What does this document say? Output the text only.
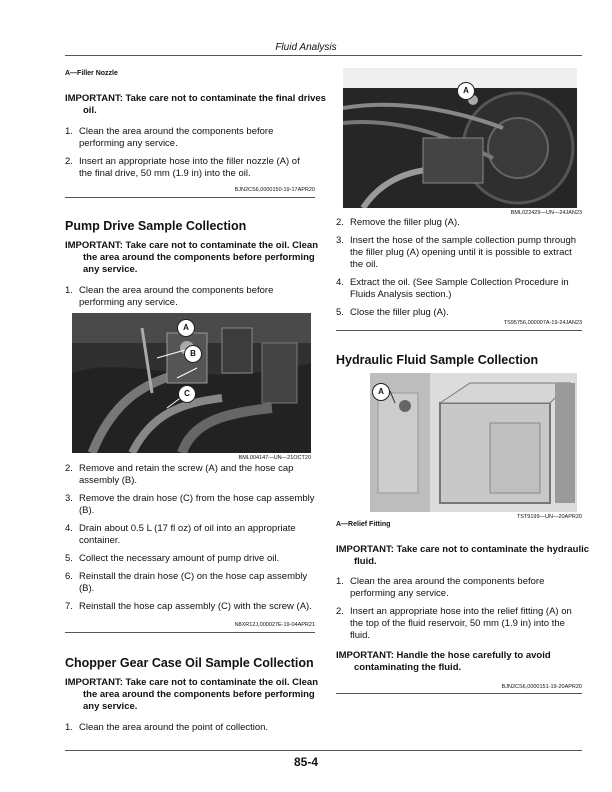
Fluid Analysis
A—Filler Nozzle
IMPORTANT: Take care not to contaminate the final drives oil.
1. Clean the area around the components before performing any service.
2. Insert an appropriate hose into the filler nozzle (A) of the final drive, 50 mm (1.9 in) into the oil.
BJN2CS6,0000150-19-17APR20
Pump Drive Sample Collection
IMPORTANT: Take care not to contaminate the oil. Clean the area around the components before performing any service.
1. Clean the area around the components before performing any service.
A
B
C
BML004147—UN—21OCT20
2. Remove and retain the screw (A) and the hose cap assembly (B).
3. Remove the drain hose (C) from the hose cap assembly (B).
4. Drain about 0.5 L (17 fl oz) of oil into an appropriate container.
5. Collect the necessary amount of pump drive oil.
6. Reinstall the drain hose (C) on the hose cap assembly (B).
7. Reinstall the hose cap assembly (C) with the screw (A).
N8XR12J,000027E-19-04APR21
Chopper Gear Case Oil Sample Collection
IMPORTANT: Take care not to contaminate the oil. Clean the area around the components before performing any service.
1. Clean the area around the point of collection.
A
BML022429—UN—24JAN23
2. Remove the filler plug (A).
3. Insert the hose of the sample collection pump through the filler plug (A) opening until it is possible to extract the oil.
4. Extract the oil. (See Sample Collection Procedure in Fluids Analysis section.)
5. Close the filler plug (A).
TS95756,000007A-19-24JAN23
Hydraulic Fluid Sample Collection
A
TST9199—UN—20APR20
A—Relief Fitting
IMPORTANT: Take care not to contaminate the hydraulic fluid.
1. Clean the area around the components before performing any service.
2. Insert an appropriate hose into the relief fitting (A) on the top of the fluid reservoir, 50 mm (1.9 in) into the fluid.
IMPORTANT: Handle the hose carefully to avoid contaminating the fluid.
BJN2CS6,0000151-19-20APR20
85-4
